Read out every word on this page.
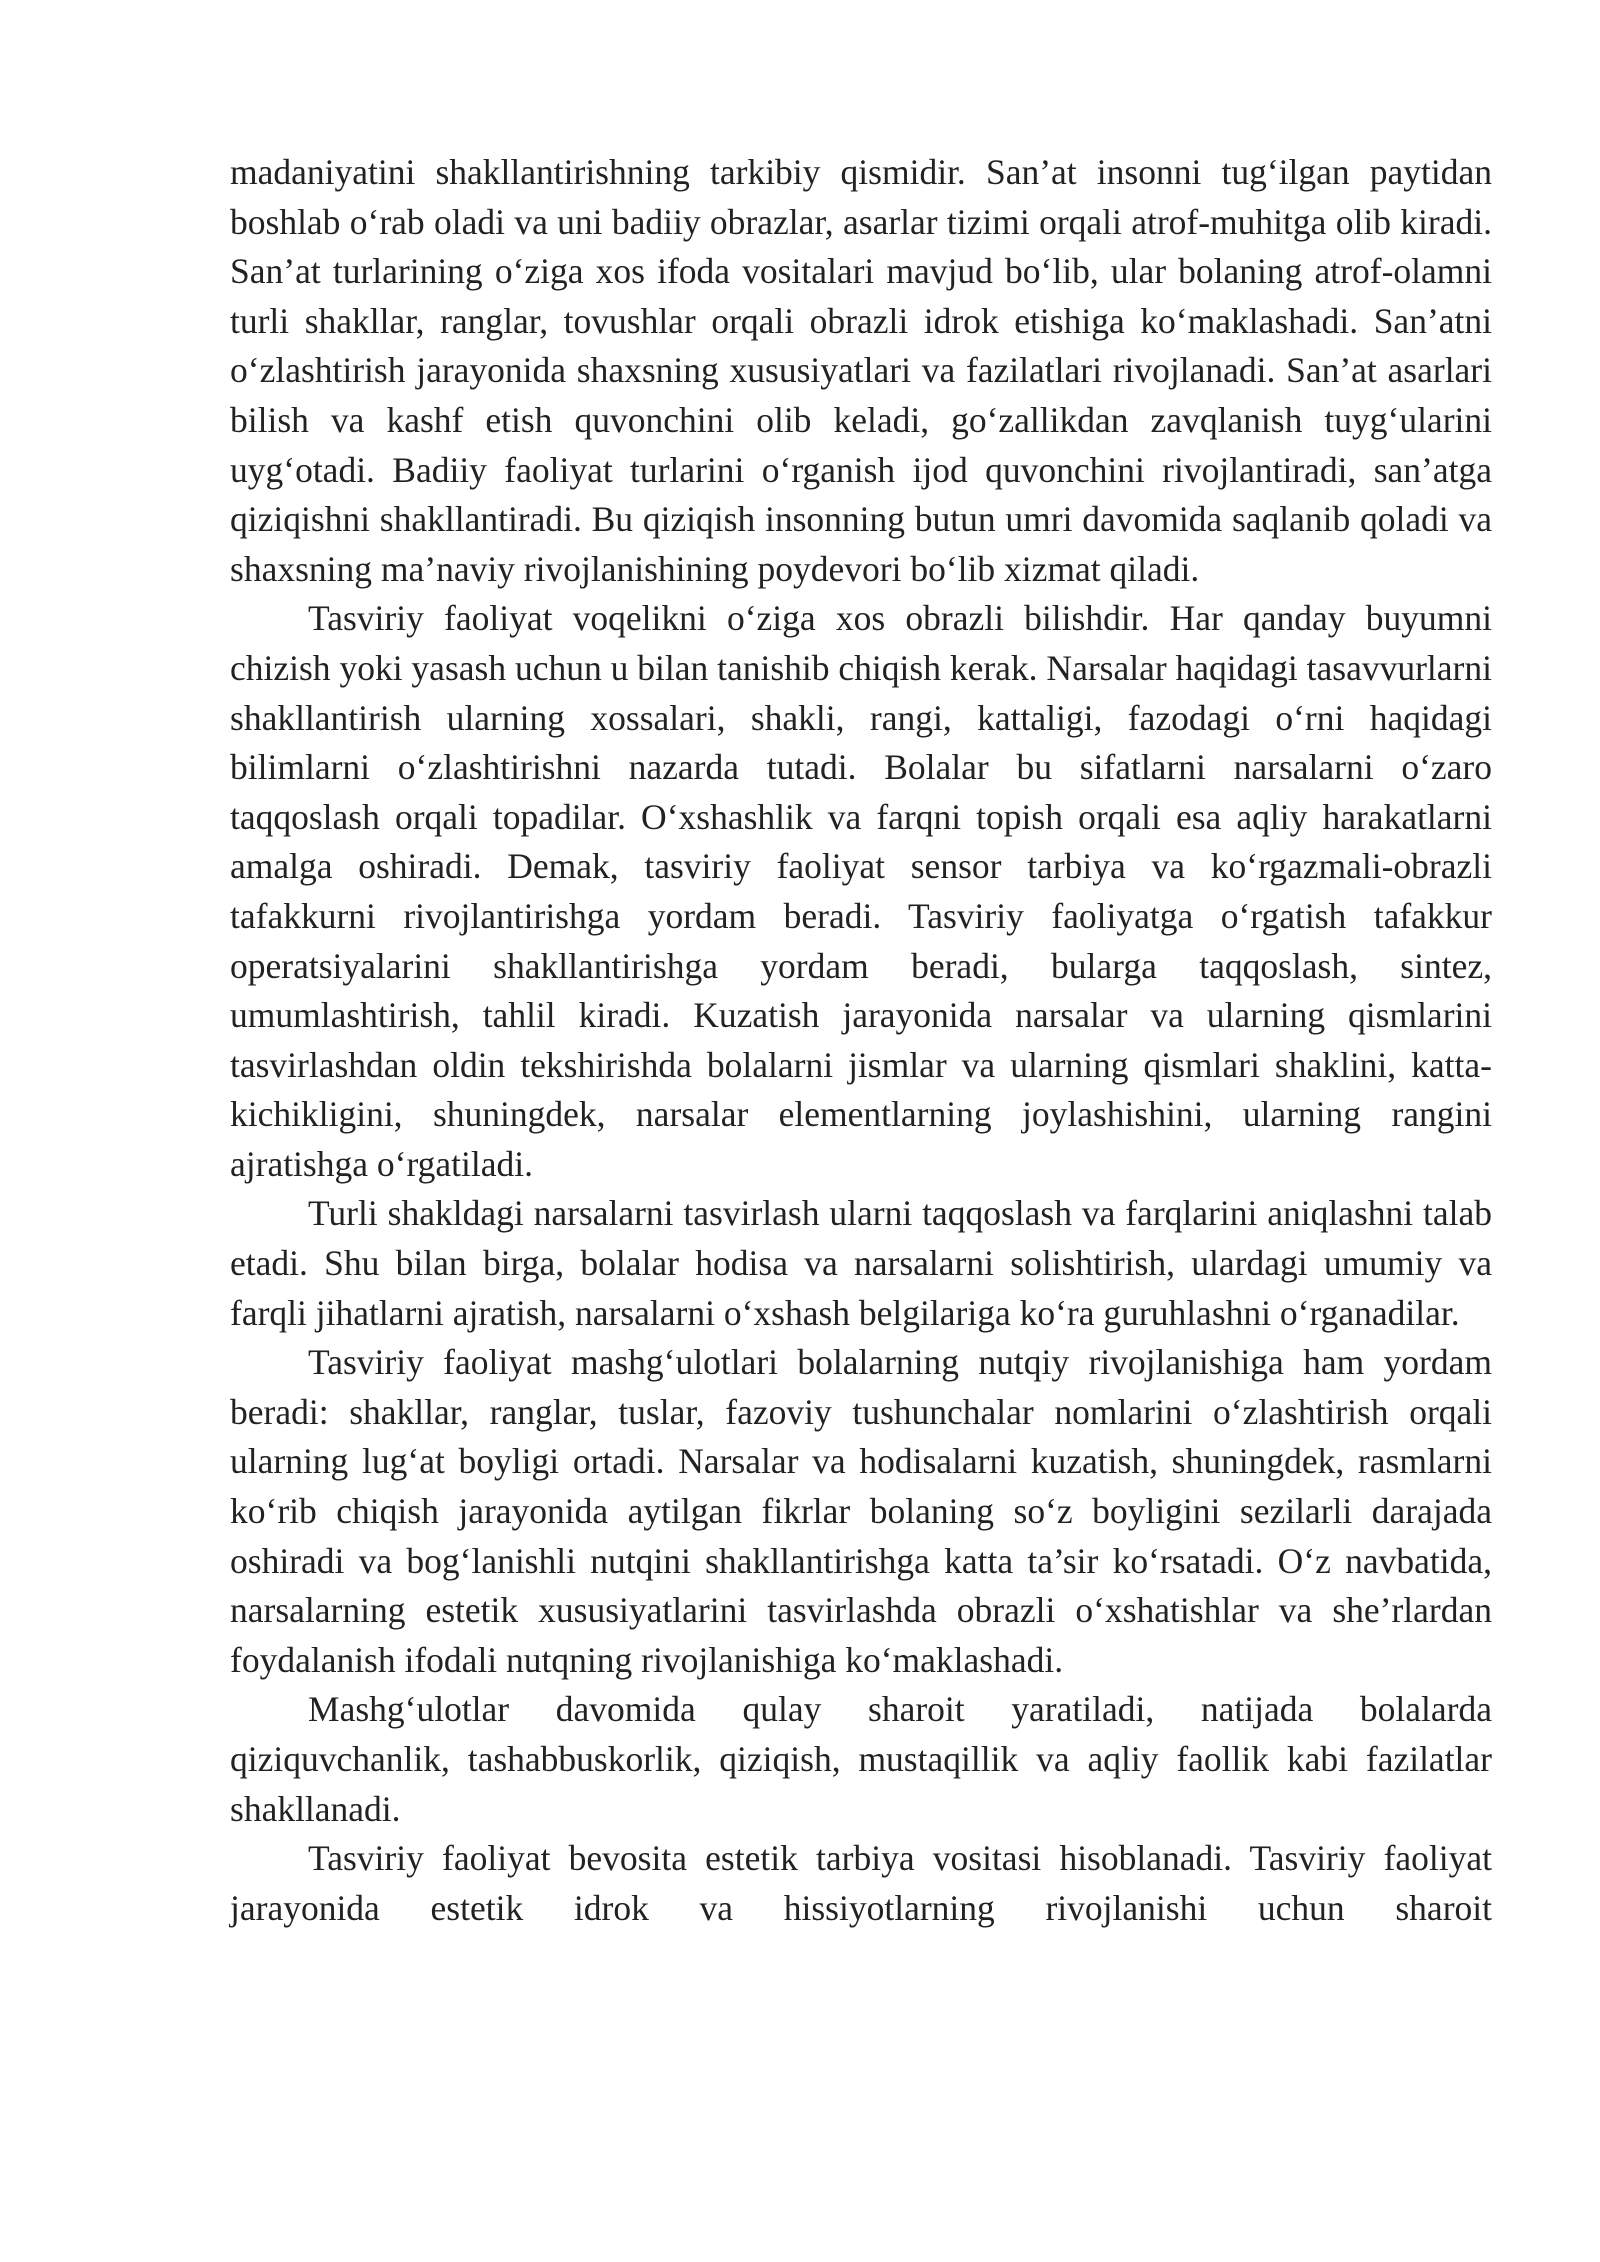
madaniyatini shakllantirishning tarkibiy qismidir. San’at insonni tug‘ilgan paytidan boshlab o‘rab oladi va uni badiiy obrazlar, asarlar tizimi orqali atrof-muhitga olib kiradi. San’at turlarining o‘ziga xos ifoda vositalari mavjud bo‘lib, ular bolaning atrof-olamni turli shakllar, ranglar, tovushlar orqali obrazli idrok etishiga ko‘maklashadi. San’atni o‘zlashtirish jarayonida shaxsning xususiyatlari va fazilatlari rivojlanadi. San’at asarlari bilish va kashf etish quvonchini olib keladi, go‘zallikdan zavqlanish tuyg‘ularini uyg‘otadi. Badiiy faoliyat turlarini o‘rganish ijod quvonchini rivojlantiradi, san’atga qiziqishni shakllantiradi. Bu qiziqish insonning butun umri davomida saqlanib qoladi va shaxsning ma’naviy rivojlanishining poydevori bo‘lib xizmat qiladi.

Tasviriy faoliyat voqelikni o‘ziga xos obrazli bilishdir. Har qanday buyumni chizish yoki yasash uchun u bilan tanishib chiqish kerak. Narsalar haqidagi tasavvurlarni shakllantirish ularning xossalari, shakli, rangi, kattaligi, fazodagi o‘rni haqidagi bilimlarni o‘zlashtirishni nazarda tutadi. Bolalar bu sifatlarni narsalarni o‘zaro taqqoslash orqali topadilar. O‘xshashlik va farqni topish orqali esa aqliy harakatlarni amalga oshiradi. Demak, tasviriy faoliyat sensor tarbiya va ko‘rgazmali-obrazli tafakkurni rivojlantirishga yordam beradi. Tasviriy faoliyatga o‘rgatish tafakkur operatsiyalarini shakllantirishga yordam beradi, bularga taqqoslash, sintez, umumlashtirish, tahlil kiradi. Kuzatish jarayonida narsalar va ularning qismlarini tasvirlashdan oldin tekshirishda bolalarni jismlar va ularning qismlari shaklini, katta-kichikligini, shuningdek, narsalar elementlarning joylashishini, ularning rangini ajratishga o‘rgatiladi.

Turli shakldagi narsalarni tasvirlash ularni taqqoslash va farqlarini aniqlashni talab etadi. Shu bilan birga, bolalar hodisa va narsalarni solishtirish, ulardagi umumiy va farqli jihatlarni ajratish, narsalarni o‘xshash belgilariga ko‘ra guruhlashni o‘rganadilar.

Tasviriy faoliyat mashg‘ulotlari bolalarning nutqiy rivojlanishiga ham yordam beradi: shakllar, ranglar, tuslar, fazoviy tushunchalar nomlarini o‘zlashtirish orqali ularning lug‘at boyligi ortadi. Narsalar va hodisalarni kuzatish, shuningdek, rasmlarni ko‘rib chiqish jarayonida aytilgan fikrlar bolaning so‘z boyligini sezilarli darajada oshiradi va bog‘lanishli nutqini shakllantirishga katta ta’sir ko‘rsatadi. O‘z navbatida, narsalarning estetik xususiyatlarini tasvirlashda obrazli o‘xshatishlar va she’rlardan foydalanish ifodali nutqning rivojlanishiga ko‘maklashadi.

Mashg‘ulotlar davomida qulay sharoit yaratiladi, natijada bolalarda qiziquvchanlik, tashabbuskorlik, qiziqish, mustaqillik va aqliy faollik kabi fazilatlar shakllanadi.

Tasviriy faoliyat bevosita estetik tarbiya vositasi hisoblanadi. Tasviriy faoliyat jarayonida estetik idrok va hissiyotlarning rivojlanishi uchun sharoit
